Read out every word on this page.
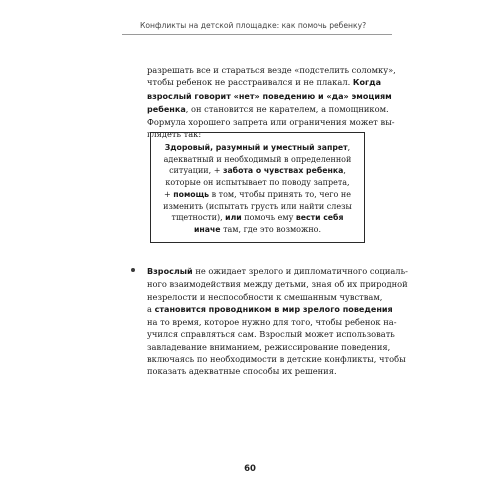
Конфликты на детской площадке: как помочь ребенку?
разрешать все и стараться везде «подстелить соломку»,
чтобы ребенок не расстраивался и не плакал. Когда
взрослый говорит «нет» поведению и «да» эмоциям
ребенка, он становится не карателем, а помощником.
Формула хорошего запрета или ограничения может вы-
глядеть так:
Здоровый, разумный и уместный запрет,
адекватный и необходимый в определенной
ситуации, + забота о чувствах ребенка,
которые он испытывает по поводу запрета,
+ помощь в том, чтобы принять то, чего не
изменить (испытать грусть или найти слезы
тщетности), или помочь ему вести себя
иначе там, где это возможно.
Взрослый не ожидает зрелого и дипломатичного социаль-
ного взаимодействия между детьми, зная об их природной
незрелости и неспособности к смешанным чувствам,
а становится проводником в мир зрелого поведения
на то время, которое нужно для того, чтобы ребенок на-
учился справляться сам. Взрослый может использовать
завладевание вниманием, режиссирование поведения,
включаясь по необходимости в детские конфликты, чтобы
показать адекватные способы их решения.
60
